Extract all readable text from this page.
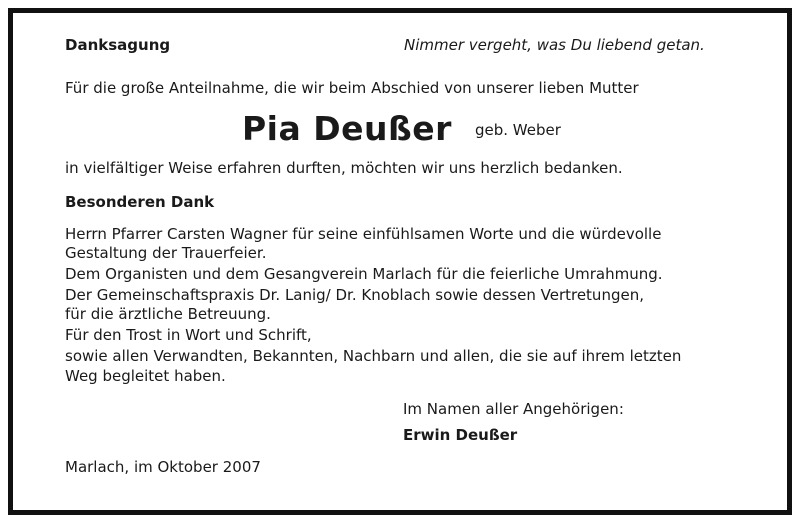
Danksagung	Nimmer vergeht, was Du liebend getan.
Für die große Anteilnahme, die wir beim Abschied von unserer lieben Mutter
Pia Deußer geb. Weber
in vielfältiger Weise erfahren durften, möchten wir uns herzlich bedanken.
Besonderen Dank
Herrn Pfarrer Carsten Wagner für seine einfühlsamen Worte und die würdevolle
Gestaltung der Trauerfeier.
Dem Organisten und dem Gesangverein Marlach für die feierliche Umrahmung.
Der Gemeinschaftspraxis Dr. Lanig/ Dr. Knoblach sowie dessen Vertretungen,
für die ärztliche Betreuung.
Für den Trost in Wort und Schrift,
sowie allen Verwandten, Bekannten, Nachbarn und allen, die sie auf ihrem letzten
Weg begleitet haben.
Im Namen aller Angehörigen:
Erwin Deußer
Marlach, im Oktober 2007
